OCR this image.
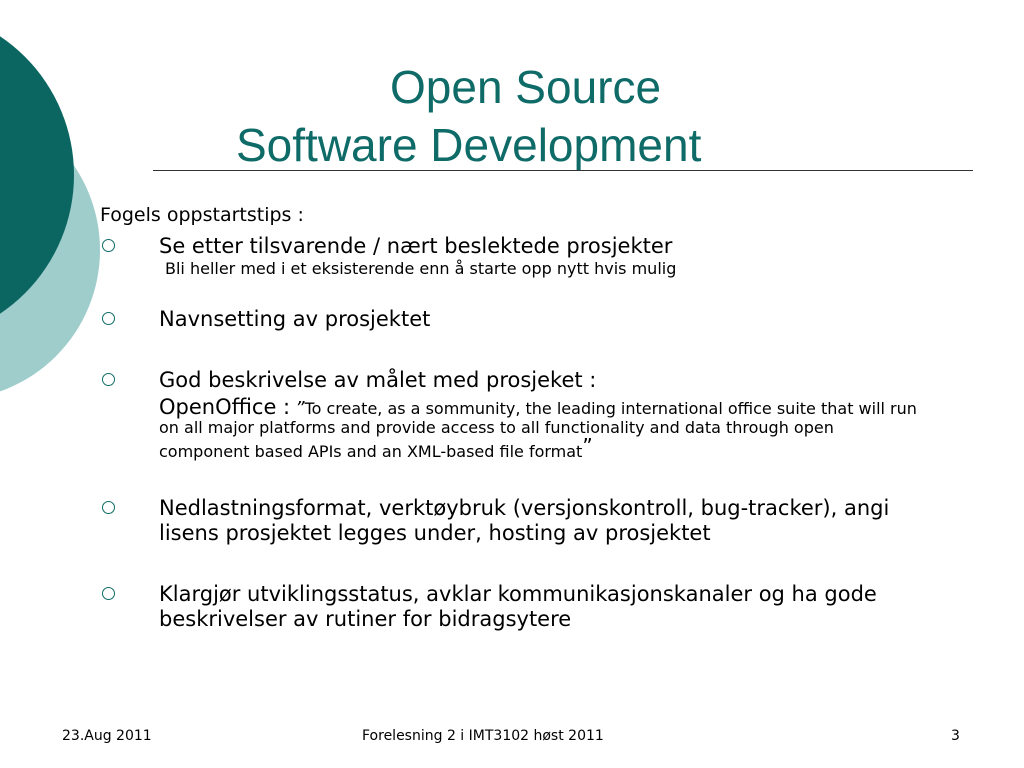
Open Source
Software Development
Fogels oppstartstips :
Se etter tilsvarende / nært beslektede prosjekter
Bli heller med i et eksisterende enn å starte opp nytt hvis mulig
Navnsetting av prosjektet
God beskrivelse av målet med prosjeket :
OpenOffice : ”To create, as a sommunity, the leading international office suite that will run on all major platforms and provide access to all functionality and data through open component based APIs and an XML-based file format”
Nedlastningsformat, verktøybruk (versjonskontroll, bug-tracker), angi lisens prosjektet legges under, hosting av prosjektet
Klargjør utviklingsstatus, avklar kommunikasjonskanaler og ha gode beskrivelser av rutiner for bidragsytere
23.Aug 2011	Forelesning 2 i IMT3102 høst 2011	3
